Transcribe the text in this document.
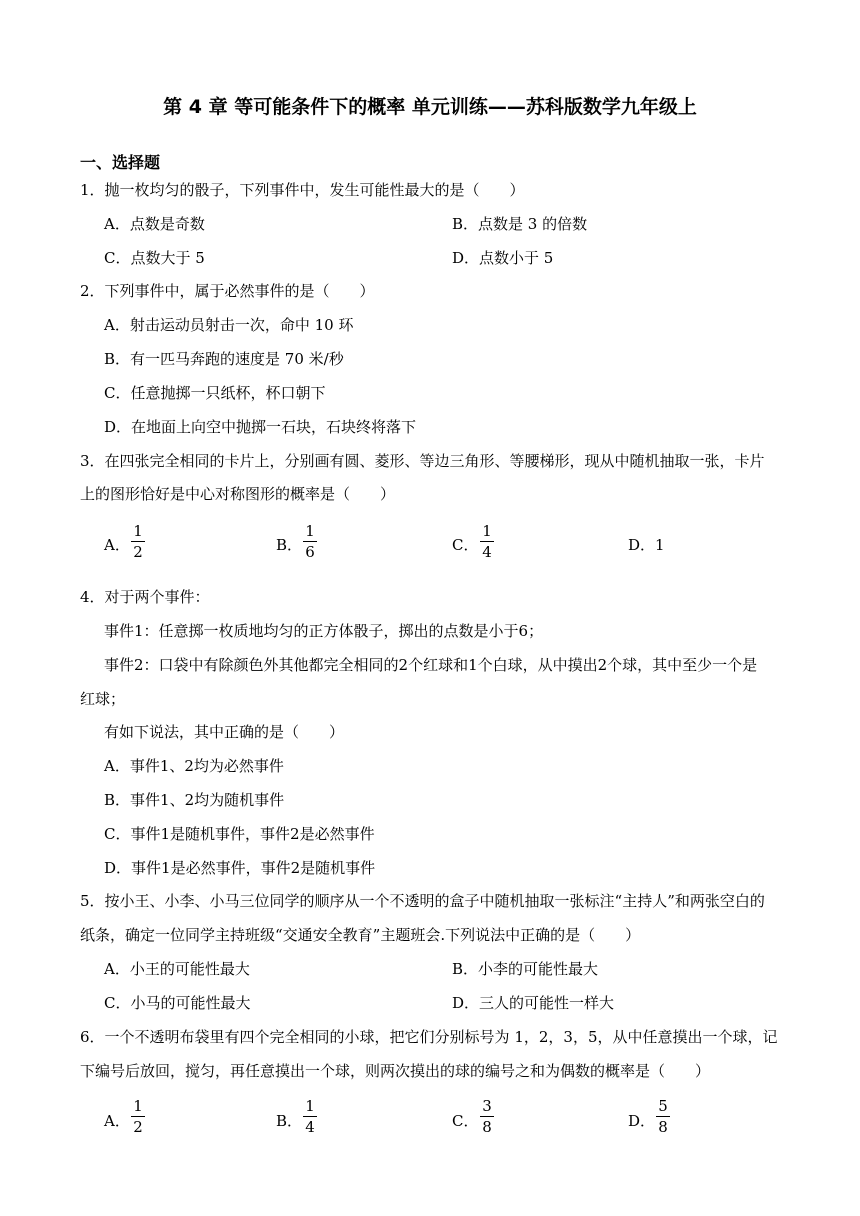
第 4 章 等可能条件下的概率 单元训练——苏科版数学九年级上
一、选择题
1．抛一枚均匀的骰子，下列事件中，发生可能性最大的是（　　）
A．点数是奇数	B．点数是 3 的倍数
C．点数大于 5	D．点数小于 5
2．下列事件中，属于必然事件的是（　　）
A．射击运动员射击一次，命中 10 环
B．有一匹马奔跑的速度是 70 米/秒
C．任意抛掷一只纸杯，杯口朝下
D．在地面上向空中抛掷一石块，石块终将落下
3．在四张完全相同的卡片上，分别画有圆、菱形、等边三角形、等腰梯形，现从中随机抽取一张，卡片
上的图形恰好是中心对称图形的概率是（　　）
A．
1
2	B．
1
6	C．
1
4	D．1
4．对于两个事件：
事件1：任意掷一枚质地均匀的正方体骰子，掷出的点数是小于6；
事件2：口袋中有除颜色外其他都完全相同的2个红球和1个白球，从中摸出2个球，其中至少一个是
红球；
有如下说法，其中正确的是（　　）
A．事件1、2均为必然事件
B．事件1、2均为随机事件
C．事件1是随机事件，事件2是必然事件
D．事件1是必然事件，事件2是随机事件
5．按小王、小李、小马三位同学的顺序从一个不透明的盒子中随机抽取一张标注“主持人”和两张空白的
纸条，确定一位同学主持班级“交通安全教育”主题班会.下列说法中正确的是（　　）
A．小王的可能性最大	B．小李的可能性最大
C．小马的可能性最大	D．三人的可能性一样大
6．一个不透明布袋里有四个完全相同的小球，把它们分别标号为 1，2，3，5，从中任意摸出一个球，记
下编号后放回，搅匀，再任意摸出一个球，则两次摸出的球的编号之和为偶数的概率是（　　）
A．
1
2	B．
1
4	C．
3
8	D．
5
8
